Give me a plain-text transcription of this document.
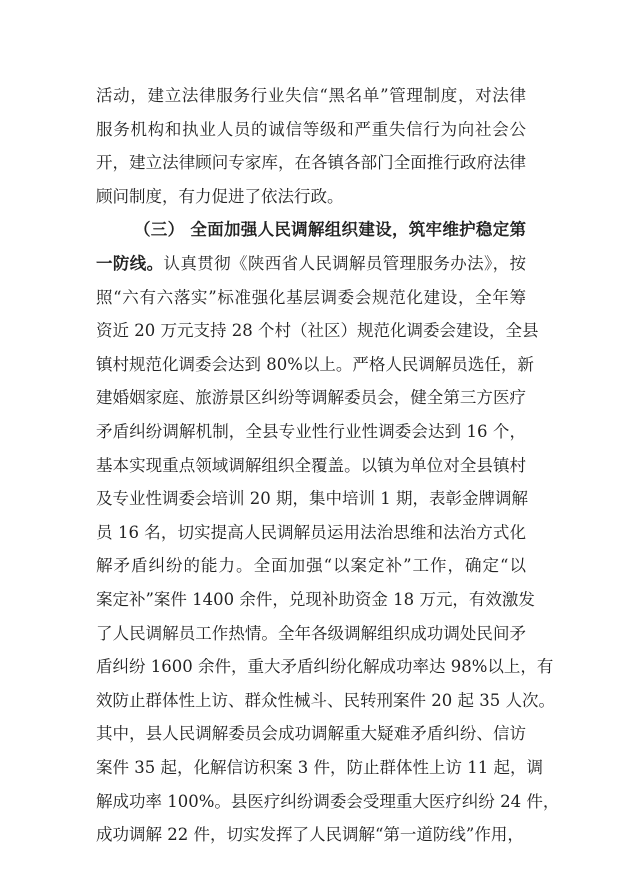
活动，建立法律服务行业失信“黑名单”管理制度，对法律
服务机构和执业人员的诚信等级和严重失信行为向社会公
开，建立法律顾问专家库，在各镇各部门全面推行政府法律
顾问制度，有力促进了依法行政。
（三） 全面加强人民调解组织建设，筑牢维护稳定第
一防线。认真贯彻《陕西省人民调解员管理服务办法》，按
照“六有六落实”标准强化基层调委会规范化建设，全年筹
资近 20 万元支持 28 个村（社区）规范化调委会建设，全县
镇村规范化调委会达到 80%以上。严格人民调解员选任，新
建婚姻家庭、旅游景区纠纷等调解委员会，健全第三方医疗
矛盾纠纷调解机制，全县专业性行业性调委会达到 16 个，
基本实现重点领域调解组织全覆盖。以镇为单位对全县镇村
及专业性调委会培训 20 期，集中培训 1 期，表彰金牌调解
员 16 名，切实提高人民调解员运用法治思维和法治方式化
解矛盾纠纷的能力。全面加强“以案定补”工作，确定“以
案定补”案件 1400 余件，兑现补助资金 18 万元，有效激发
了人民调解员工作热情。全年各级调解组织成功调处民间矛
盾纠纷 1600 余件，重大矛盾纠纷化解成功率达 98%以上，有
效防止群体性上访、群众性械斗、民转刑案件 20 起 35 人次。
其中，县人民调解委员会成功调解重大疑难矛盾纠纷、信访
案件 35 起，化解信访积案 3 件，防止群体性上访 11 起，调
解成功率 100%。县医疗纠纷调委会受理重大医疗纠纷 24 件，
成功调解 22 件，切实发挥了人民调解“第一道防线”作用，
